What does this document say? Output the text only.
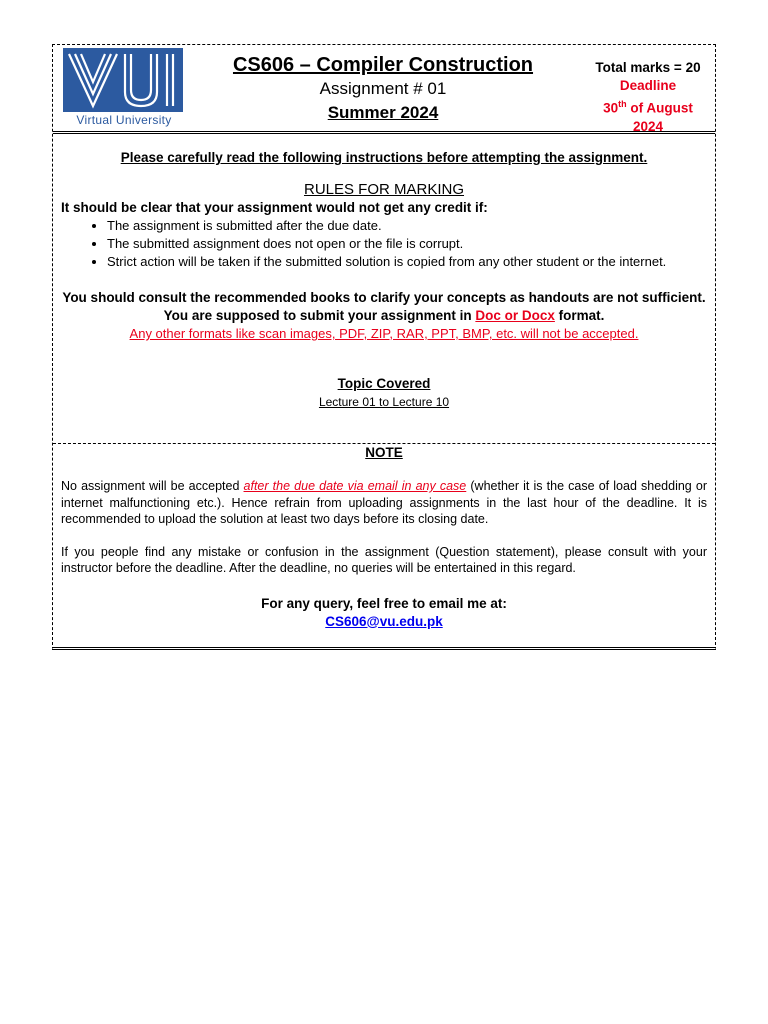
Virtual University
CS606 – Compiler Construction
Assignment # 01
Summer 2024
Total marks = 20
Deadline
30th of August
2024
Please carefully read the following instructions before attempting the assignment.
RULES FOR MARKING
It should be clear that your assignment would not get any credit if:
• The assignment is submitted after the due date.
• The submitted assignment does not open or the file is corrupt.
• Strict action will be taken if the submitted solution is copied from any other student or the internet.
You should consult the recommended books to clarify your concepts as handouts are not sufficient.
You are supposed to submit your assignment in Doc or Docx format.
Any other formats like scan images, PDF, ZIP, RAR, PPT, BMP, etc. will not be accepted.
Topic Covered
Lecture 01 to Lecture 10
NOTE
No assignment will be accepted after the due date via email in any case (whether it is the case of load shedding or internet malfunctioning etc.). Hence refrain from uploading assignments in the last hour of the deadline. It is recommended to upload the solution at least two days before its closing date.
If you people find any mistake or confusion in the assignment (Question statement), please consult with your instructor before the deadline. After the deadline, no queries will be entertained in this regard.
For any query, feel free to email me at:
CS606@vu.edu.pk
